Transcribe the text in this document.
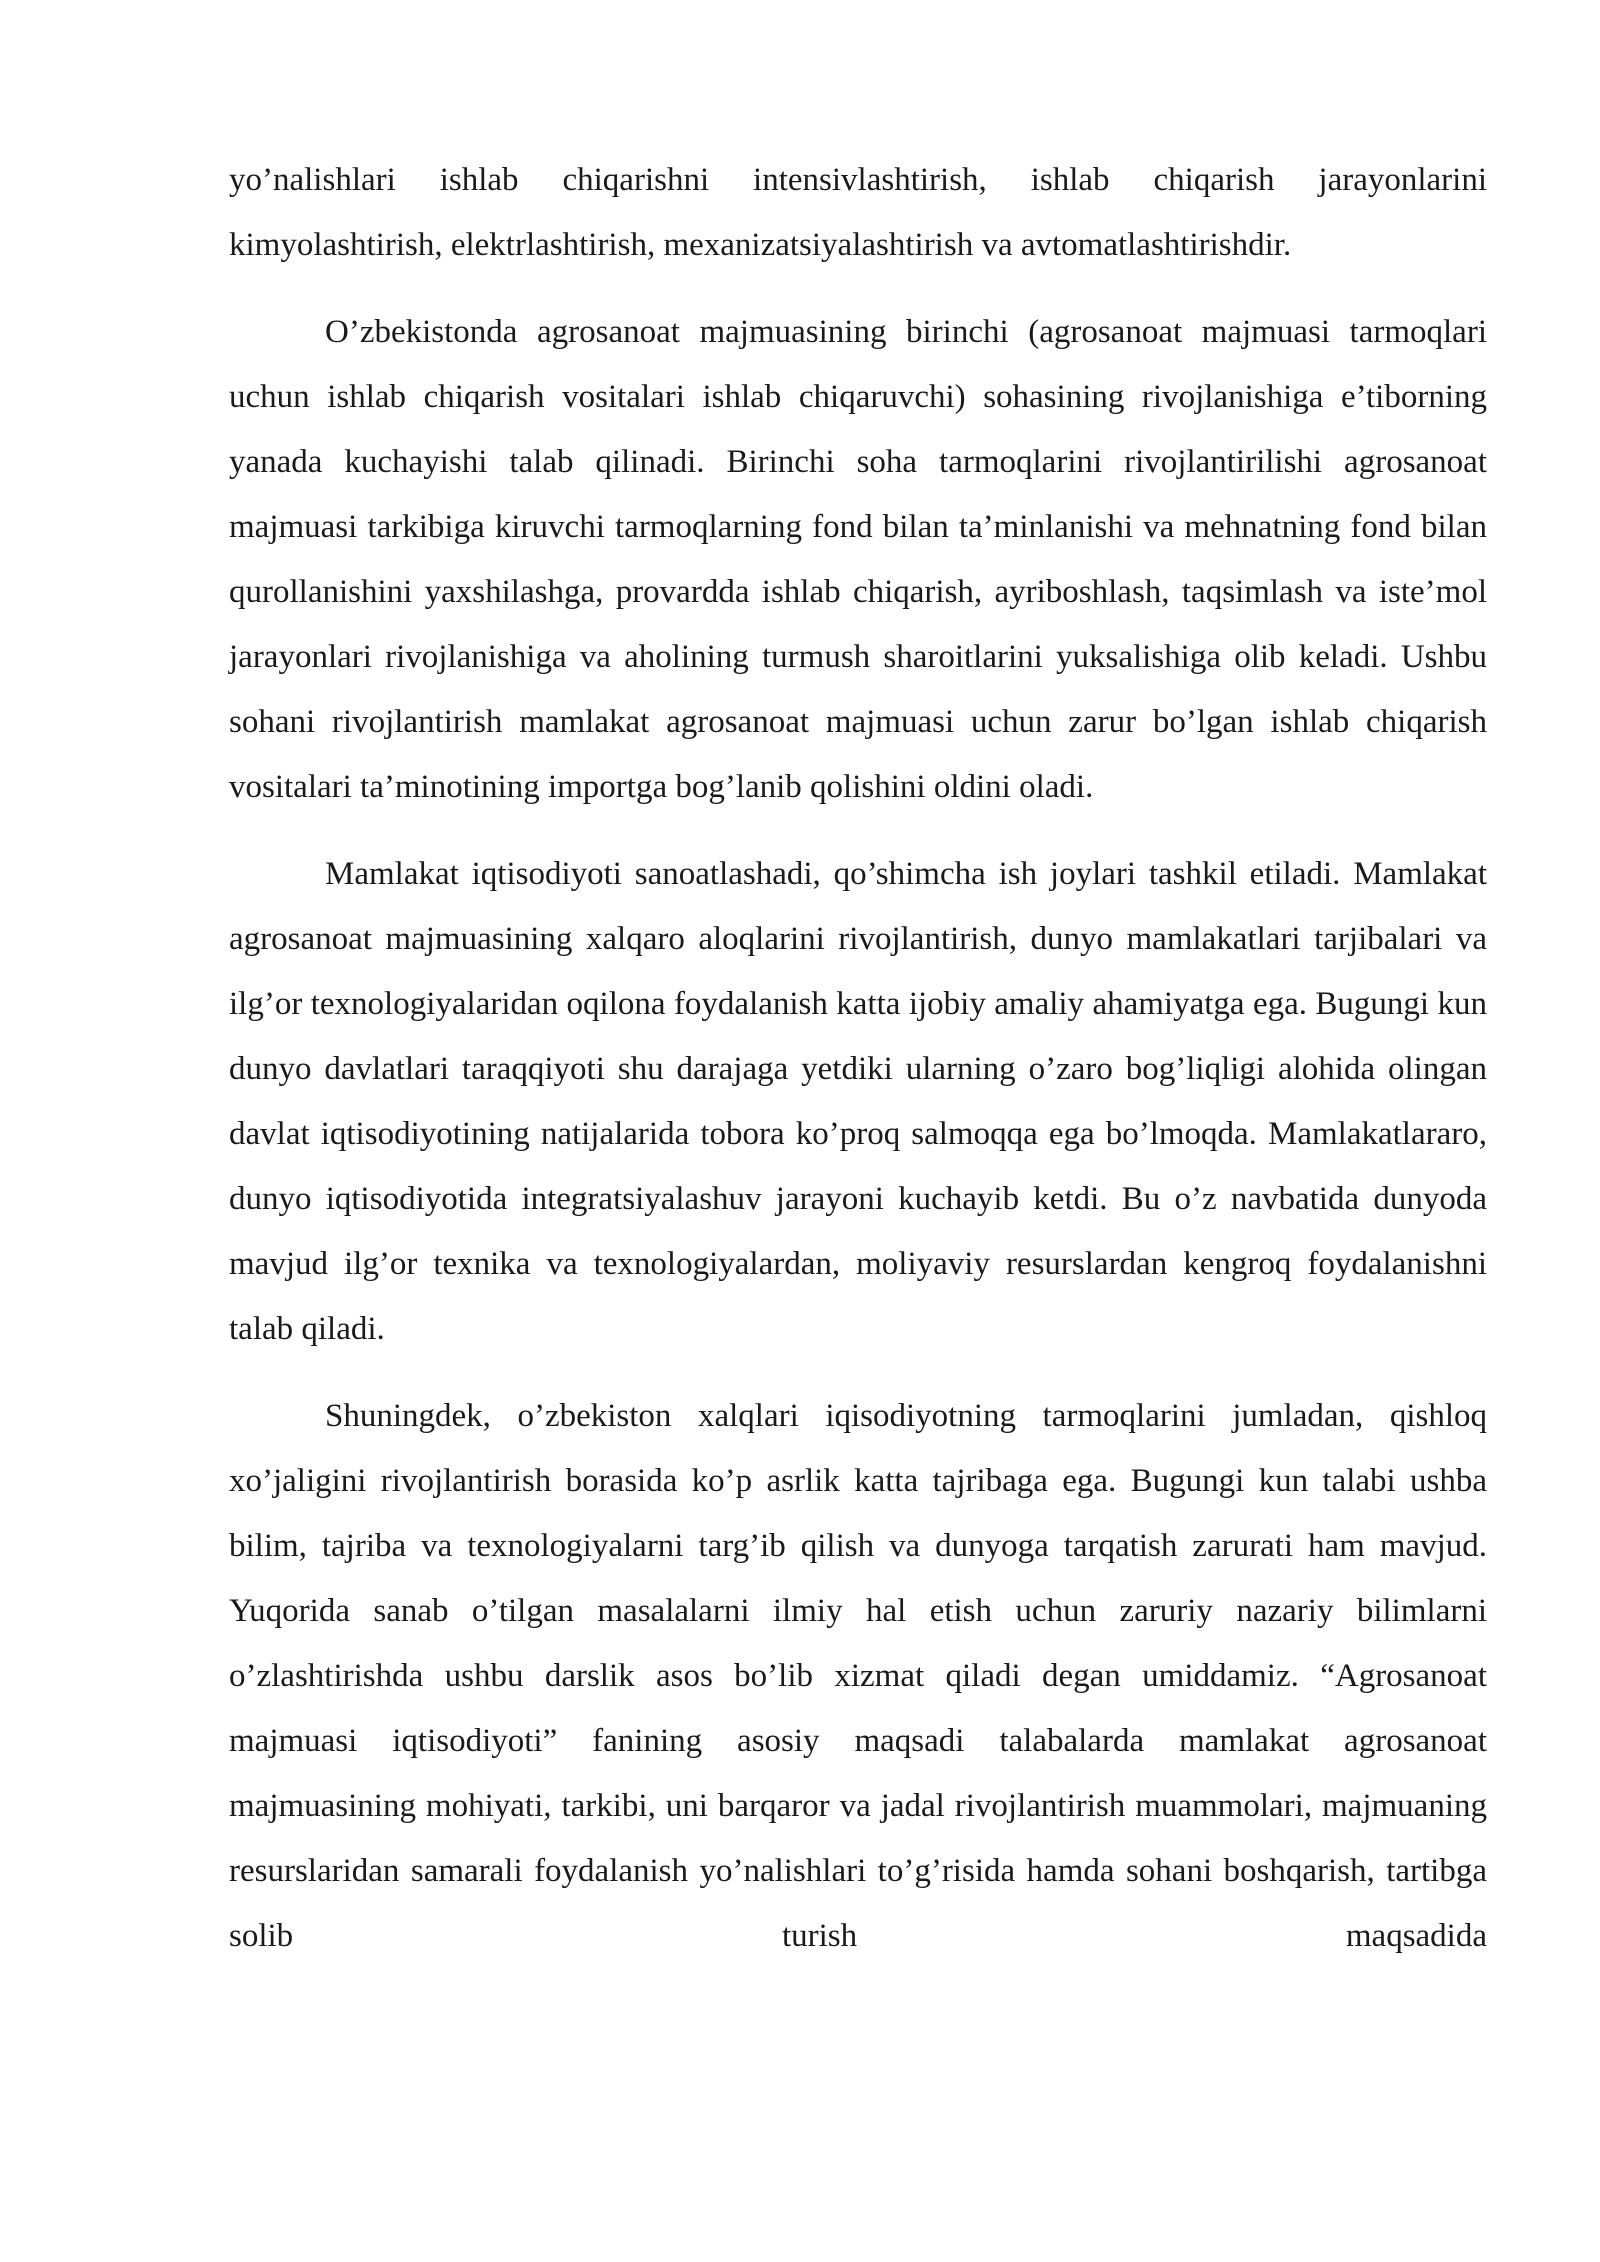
yo’nalishlari ishlab chiqarishni intensivlashtirish, ishlab chiqarish jarayonlarini kimyolashtirish, elektrlashtirish, mexanizatsiyalashtirish va avtomatlashtirishdir.

O’zbekistonda agrosanoat majmuasining birinchi (agrosanoat majmuasi tarmoqlari uchun ishlab chiqarish vositalari ishlab chiqaruvchi) sohasining rivojlanishiga e’tiborning yanada kuchayishi talab qilinadi. Birinchi soha tarmoqlarini rivojlantirilishi agrosanoat majmuasi tarkibiga kiruvchi tarmoqlarning fond bilan ta’minlanishi va mehnatning fond bilan qurollanishini yaxshilashga, provardda ishlab chiqarish, ayriboshlash, taqsimlash va iste’mol jarayonlari rivojlanishiga va aholining turmush sharoitlarini yuksalishiga olib keladi. Ushbu sohani rivojlantirish mamlakat agrosanoat majmuasi uchun zarur bo’lgan ishlab chiqarish vositalari ta’minotining importga bog’lanib qolishini oldini oladi.

Mamlakat iqtisodiyoti sanoatlashadi, qo’shimcha ish joylari tashkil etiladi. Mamlakat agrosanoat majmuasining xalqaro aloqlarini rivojlantirish, dunyo mamlakatlari tarjibalari va ilg’or texnologiyalaridan oqilona foydalanish katta ijobiy amaliy ahamiyatga ega. Bugungi kun dunyo davlatlari taraqqiyoti shu darajaga yetdiki ularning o’zaro bog’liqligi alohida olingan davlat iqtisodiyotining natijalarida tobora ko’proq salmoqqa ega bo’lmoqda. Mamlakatlararo, dunyo iqtisodiyotida integratsiyalashuv jarayoni kuchayib ketdi. Bu o’z navbatida dunyoda mavjud ilg’or texnika va texnologiyalardan, moliyaviy resurslardan kengroq foydalanishni talab qiladi.

Shuningdek, o’zbekiston xalqlari iqisodiyotning tarmoqlarini jumladan, qishloq xo’jaligini rivojlantirish borasida ko’p asrlik katta tajribaga ega. Bugungi kun talabi ushba bilim, tajriba va texnologiyalarni targ’ib qilish va dunyoga tarqatish zarurati ham mavjud. Yuqorida sanab o’tilgan masalalarni ilmiy hal etish uchun zaruriy nazariy bilimlarni o’zlashtirishda ushbu darslik asos bo’lib xizmat qiladi degan umiddamiz. “Agrosanoat majmuasi iqtisodiyoti” fanining asosiy maqsadi talabalarda mamlakat agrosanoat majmuasining mohiyati, tarkibi, uni barqaror va jadal rivojlantirish muammolari, majmuaning resurslaridan samarali foydalanish yo’nalishlari to’g’risida hamda sohani boshqarish, tartibga solib turish maqsadida
